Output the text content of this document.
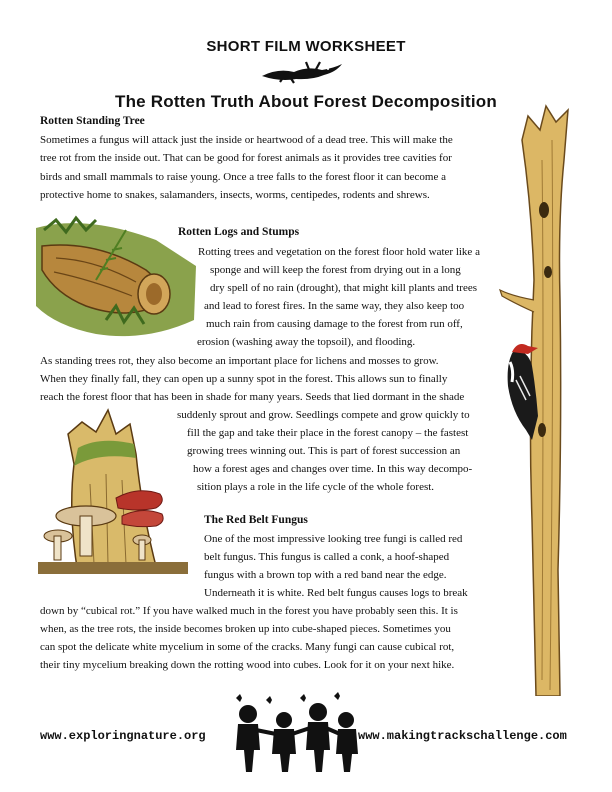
SHORT FILM WORKSHEET
The Rotten Truth About Forest Decomposition
Rotten Standing Tree
Sometimes a fungus will attack just the inside or heartwood of a dead tree. This will make the
tree rot from the inside out. That can be good for forest animals as it provides tree cavities for
birds and small mammals to raise young. Once a tree falls to the forest floor it can become a
protective home to snakes, salamanders, insects, worms, centipedes, rodents and shrews.
Rotten Logs and Stumps
Rotting trees and vegetation on the forest floor hold water like a
sponge and will keep the forest from drying out in a long
dry spell of no rain (drought), that might kill plants and trees
and lead to forest fires. In the same way, they also keep too
much rain from causing damage to the forest from run off,
erosion (washing away the topsoil), and flooding.
As standing trees rot, they also become an important place for lichens and mosses to grow.
When they finally fall, they can open up a sunny spot in the forest. This allows sun to finally
reach the forest floor that has been in shade for many years. Seeds that lied dormant in the shade
suddenly sprout and grow. Seedlings compete and grow quickly to
fill the gap and take their place in the forest canopy – the fastest
growing trees winning out. This is part of forest succession an
how a forest ages and changes over time. In this way decompo-
sition plays a role in the life cycle of the whole forest.
The Red Belt Fungus
One of the most impressive looking tree fungi is called red
belt fungus. This fungus is called a conk, a hoof-shaped
fungus with a brown top with a red band near the edge.
Underneath it is white. Red belt fungus causes logs to break
down by “cubical rot.” If you have walked much in the forest you have probably seen this. It is
when, as the tree rots, the inside becomes broken up into cube-shaped pieces. Sometimes you
can spot the delicate white mycelium in some of the cracks. Many fungi can cause cubical rot,
their tiny mycelium breaking down the rotting wood into cubes. Look for it on your next hike.
www.exploringnature.org	www.makingtrackschallenge.com
